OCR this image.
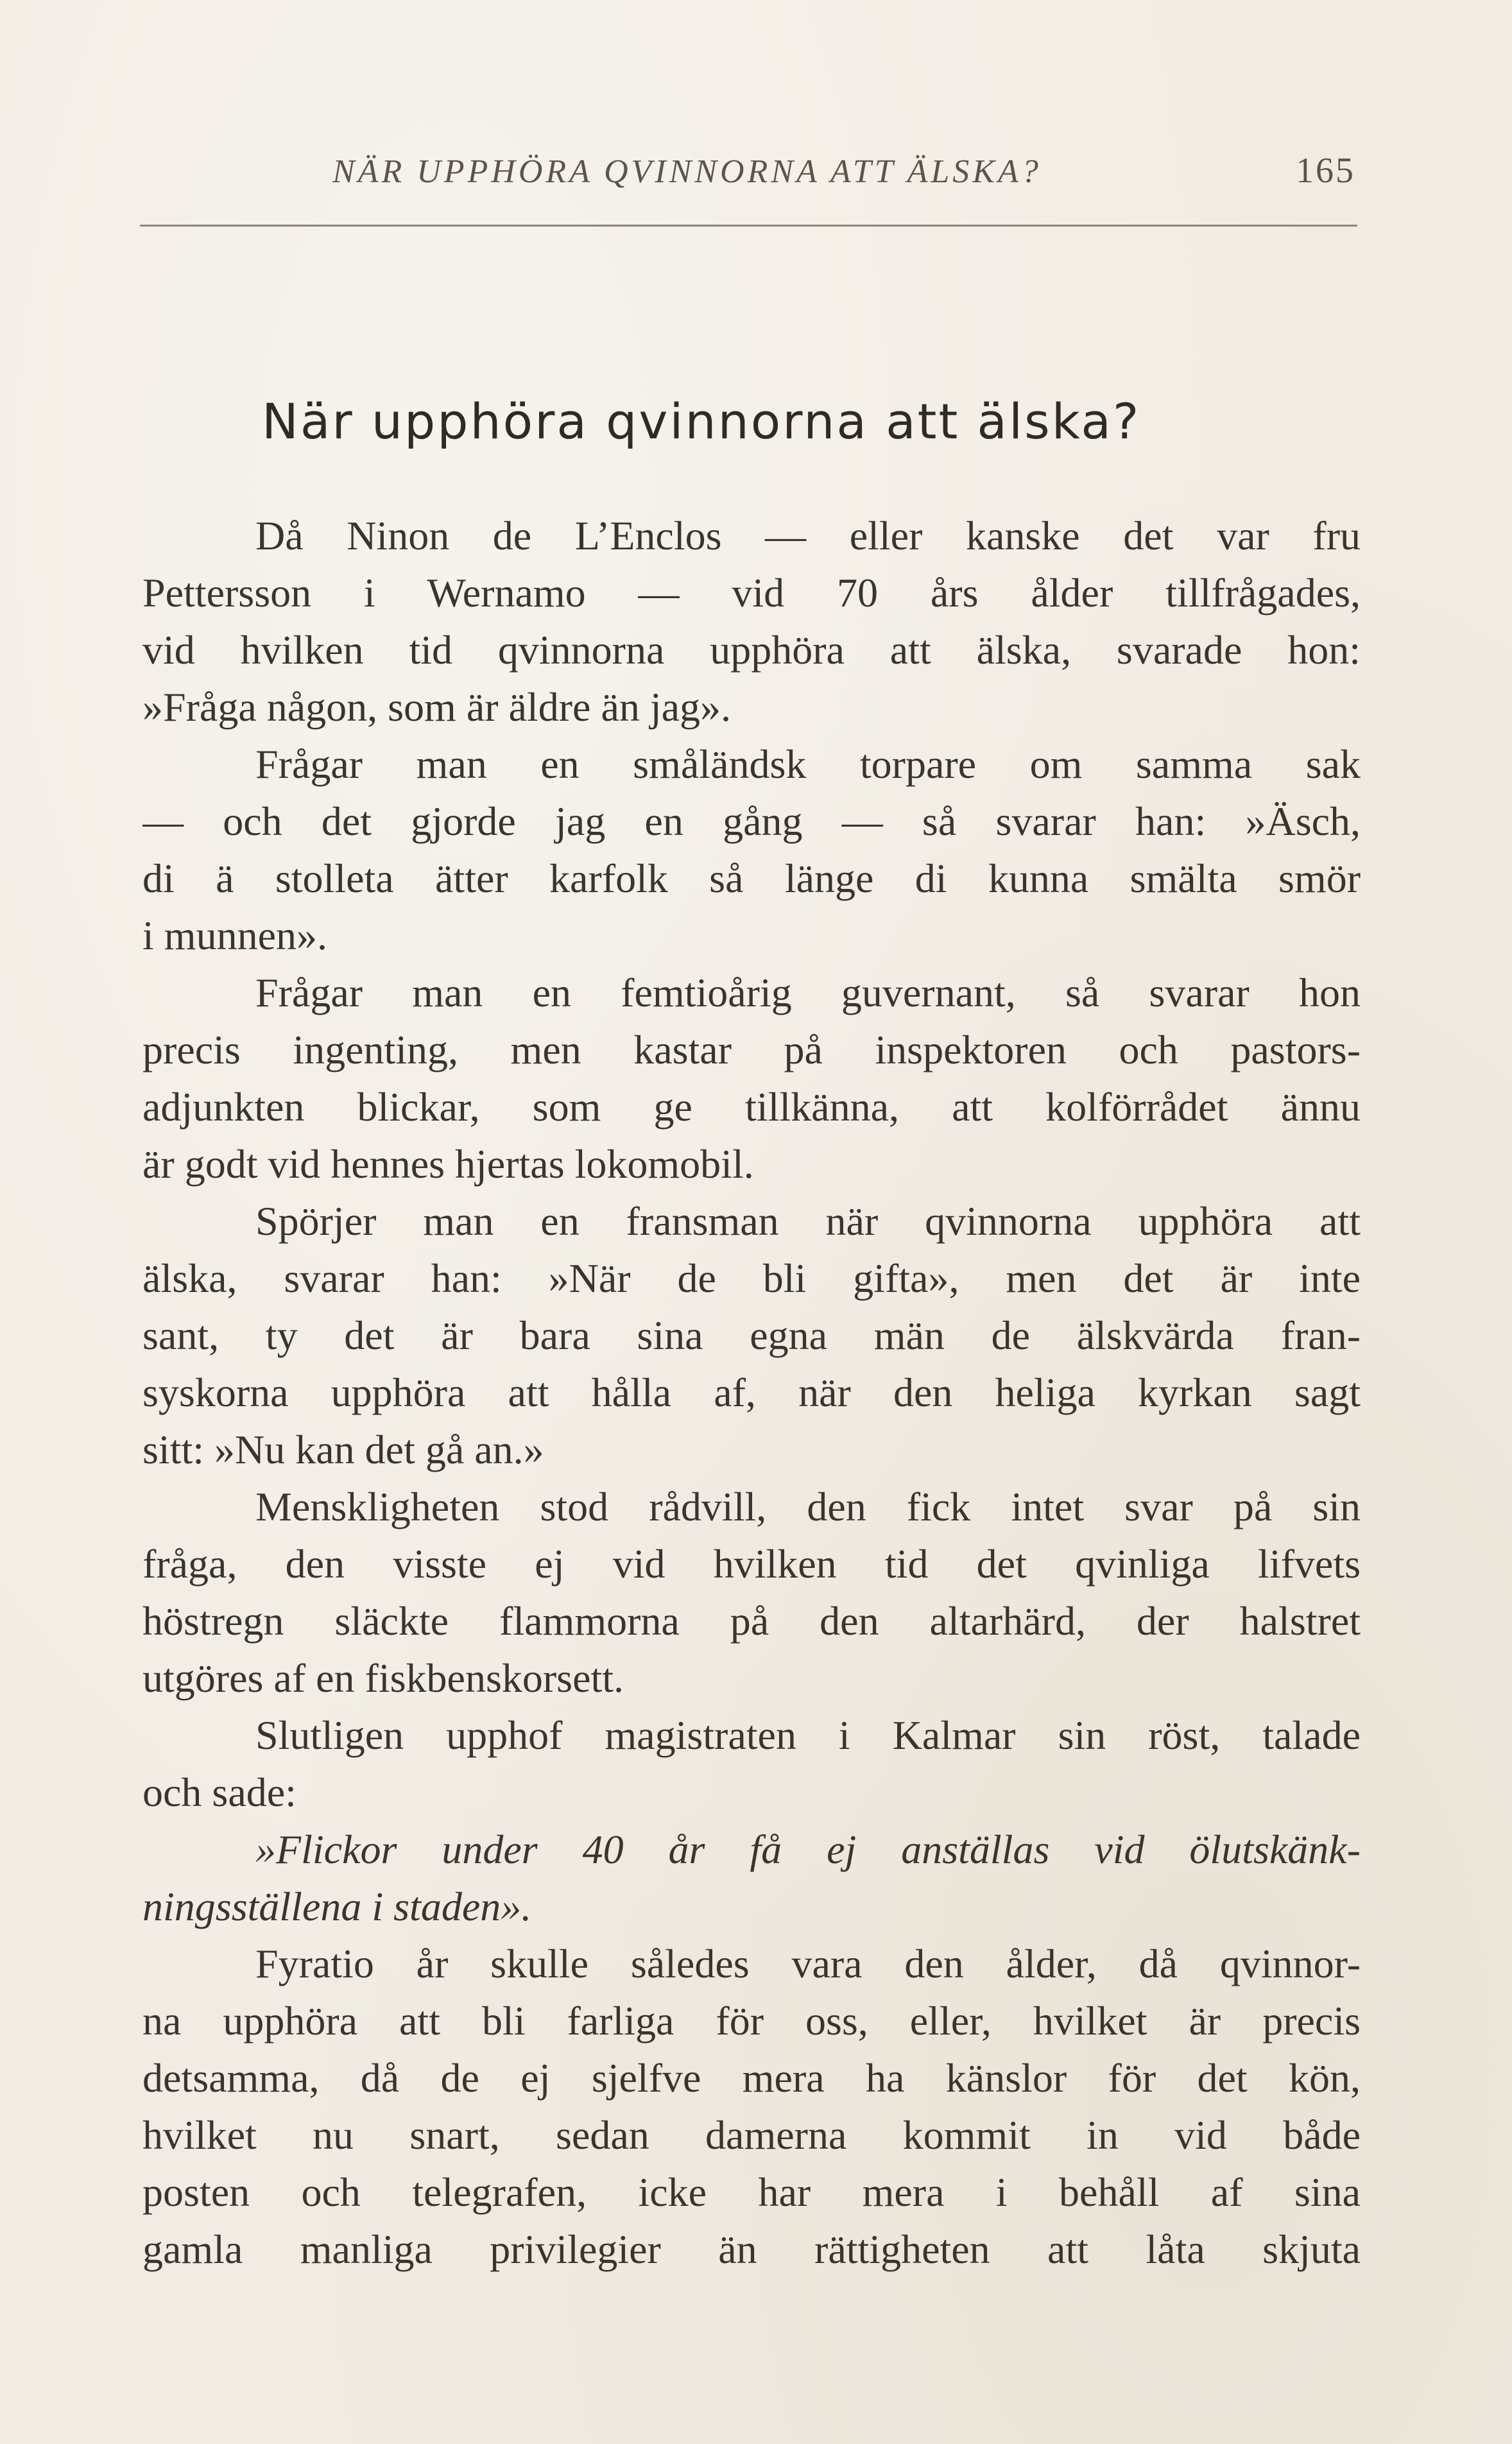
NÄR UPPHÖRA QVINNORNA ATT ÄLSKA?	165
När upphöra qvinnorna att älska?
Då Ninon de L’Enclos — eller kanske det var fru
Pettersson i Wernamo — vid 70 års ålder tillfrågades,
vid hvilken tid qvinnorna upphöra att älska, svarade hon:
»Fråga någon, som är äldre än jag».
Frågar man en småländsk torpare om samma sak
— och det gjorde jag en gång — så svarar han: »Äsch,
di ä stolleta ätter karfolk så länge di kunna smälta smör
i munnen».
Frågar man en femtioårig guvernant, så svarar hon
precis ingenting, men kastar på inspektoren och pastors-
adjunkten blickar, som ge tillkänna, att kolförrådet ännu
är godt vid hennes hjertas lokomobil.
Spörjer man en fransman när qvinnorna upphöra att
älska, svarar han: »När de bli gifta», men det är inte
sant, ty det är bara sina egna män de älskvärda fran-
syskorna upphöra att hålla af, när den heliga kyrkan sagt
sitt: »Nu kan det gå an.»
Menskligheten stod rådvill, den fick intet svar på sin
fråga, den visste ej vid hvilken tid det qvinliga lifvets
höstregn släckte flammorna på den altarhärd, der halstret
utgöres af en fiskbenskorsett.
Slutligen upphof magistraten i Kalmar sin röst, talade
och sade:
»Flickor under 40 år få ej anställas vid ölutskänk-
ningsställena i staden».
Fyratio år skulle således vara den ålder, då qvinnor-
na upphöra att bli farliga för oss, eller, hvilket är precis
detsamma, då de ej sjelfve mera ha känslor för det kön,
hvilket nu snart, sedan damerna kommit in vid både
posten och telegrafen, icke har mera i behåll af sina
gamla manliga privilegier än rättigheten att låta skjuta
